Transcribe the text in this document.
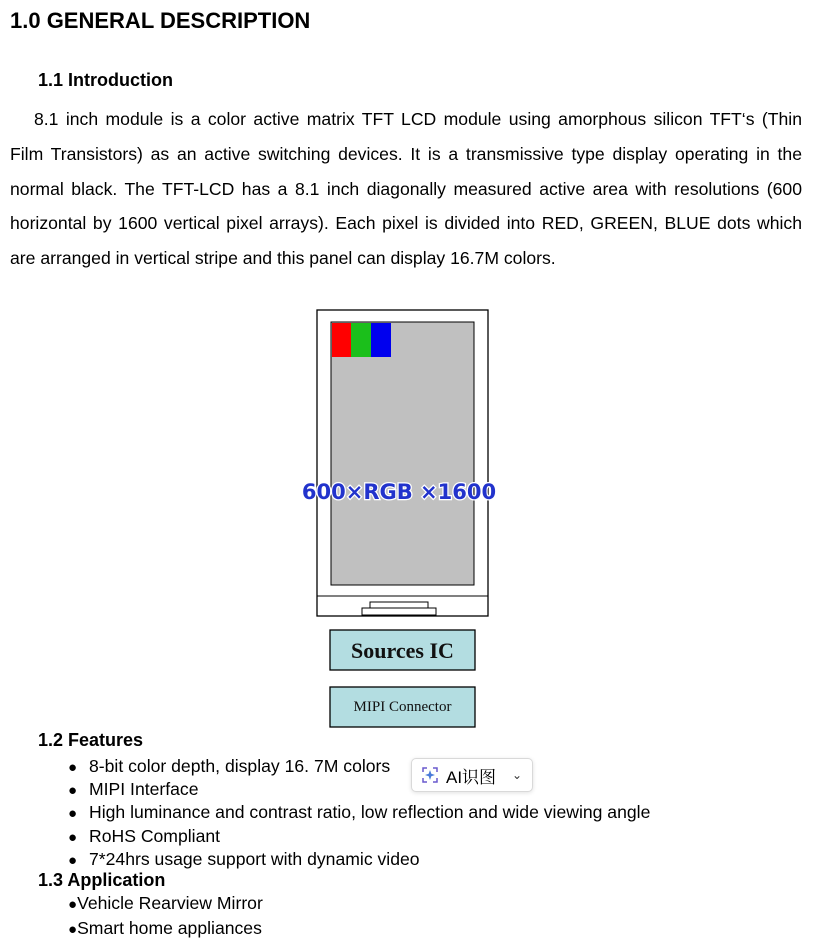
1.0 GENERAL DESCRIPTION
1.1 Introduction

8.1 inch module is a color active matrix TFT LCD module using amorphous silicon TFT‘s (Thin Film Transistors) as an active switching devices. It is a transmissive type display operating in the normal black. The TFT-LCD has a 8.1 inch diagonally measured active area with resolutions (600 horizontal by 1600 vertical pixel arrays). Each pixel is divided into RED, GREEN, BLUE dots which are arranged in vertical stripe and this panel can display 16.7M colors.

600×RGB ×1600
Sources IC
MIPI Connector
1.2 Features
● 8-bit color depth, display 16. 7M colors
● MIPI Interface
● High luminance and contrast ratio, low reflection and wide viewing angle
● RoHS Compliant
● 7*24hrs usage support with dynamic video
1.3 Application
●Vehicle Rearview Mirror
●Smart home appliances
AI识图 ⌄
